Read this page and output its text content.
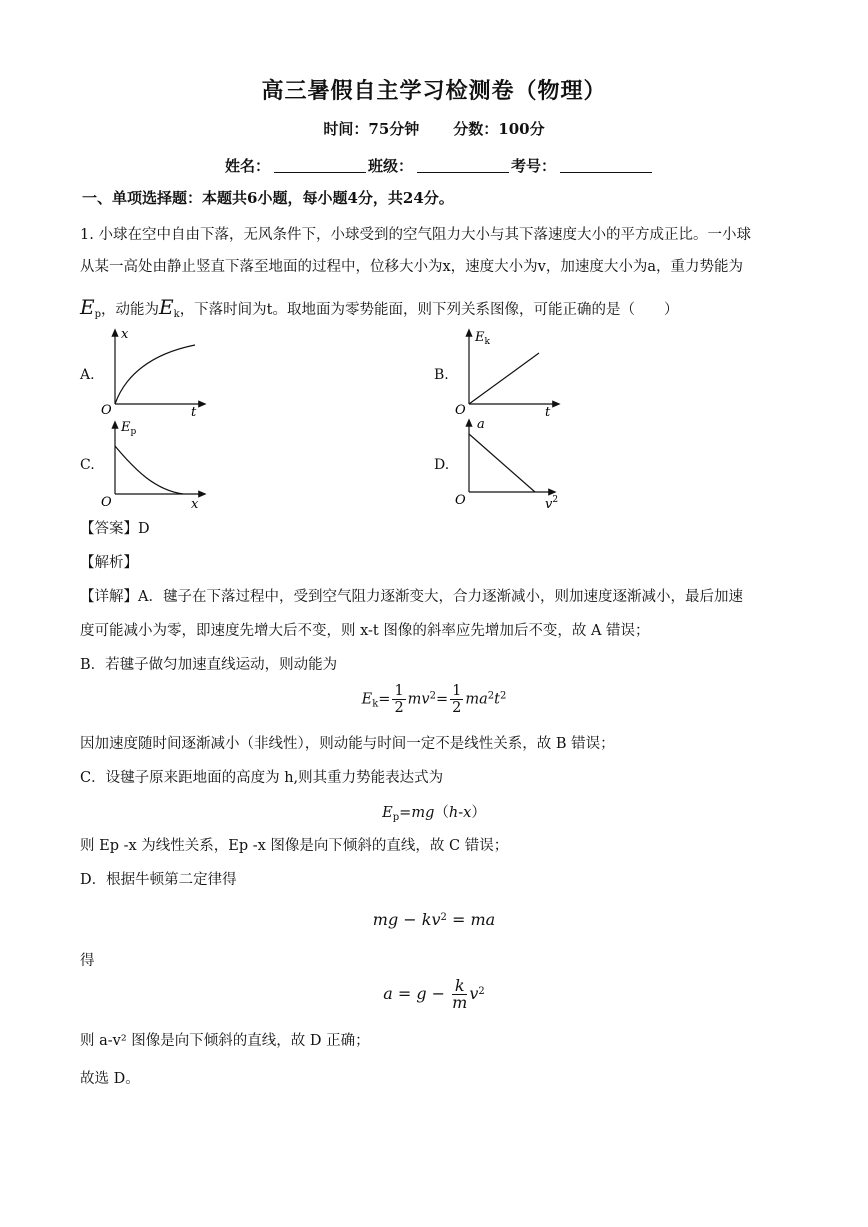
高三暑假自主学习检测卷（物理）
时间：75分钟 分数：100分
姓名：	班级：	考号：
一、单项选择题：本题共6小题，每小题4分，共24分。
1. 小球在空中自由下落，无风条件下，小球受到的空气阻力大小与其下落速度大小的平方成正比。一小球
从某一高处由静止竖直下落至地面的过程中，位移大小为x，速度大小为v，加速度大小为a，重力势能为
$E_p$，动能为$E_k$，下落时间为t。取地面为零势能面，则下列关系图像，可能正确的是（　　）
A.
x
t
O
B.
$E_k$
t
O
C.
$E_p$
x
O
D.
a
$v^2$
O
【答案】D
【解析】
【详解】A．毽子在下落过程中，受到空气阻力逐渐变大，合力逐渐减小，则加速度逐渐减小，最后加速
度可能减小为零，即速度先增大后不变，则 x-t 图像的斜率应先增加后不变，故 A 错误；
B．若毽子做匀加速直线运动，则动能为
$E_k= \frac{1}{2} mv^2= \frac{1}{2} ma^2t^2$
因加速度随时间逐渐减小（非线性），则动能与时间一定不是线性关系，故 B 错误；
C．设毽子原来距地面的高度为 h,则其重力势能表达式为
$E_p=mg(h-x)$
则 Ep -x 为线性关系，Ep -x 图像是向下倾斜的直线，故 C 错误；
D．根据牛顿第二定律得
mg − $kv^2$ = ma
得
$a = g - \frac{k}{m} v^2$
则 a-v² 图像是向下倾斜的直线，故 D 正确；
故选 D。
